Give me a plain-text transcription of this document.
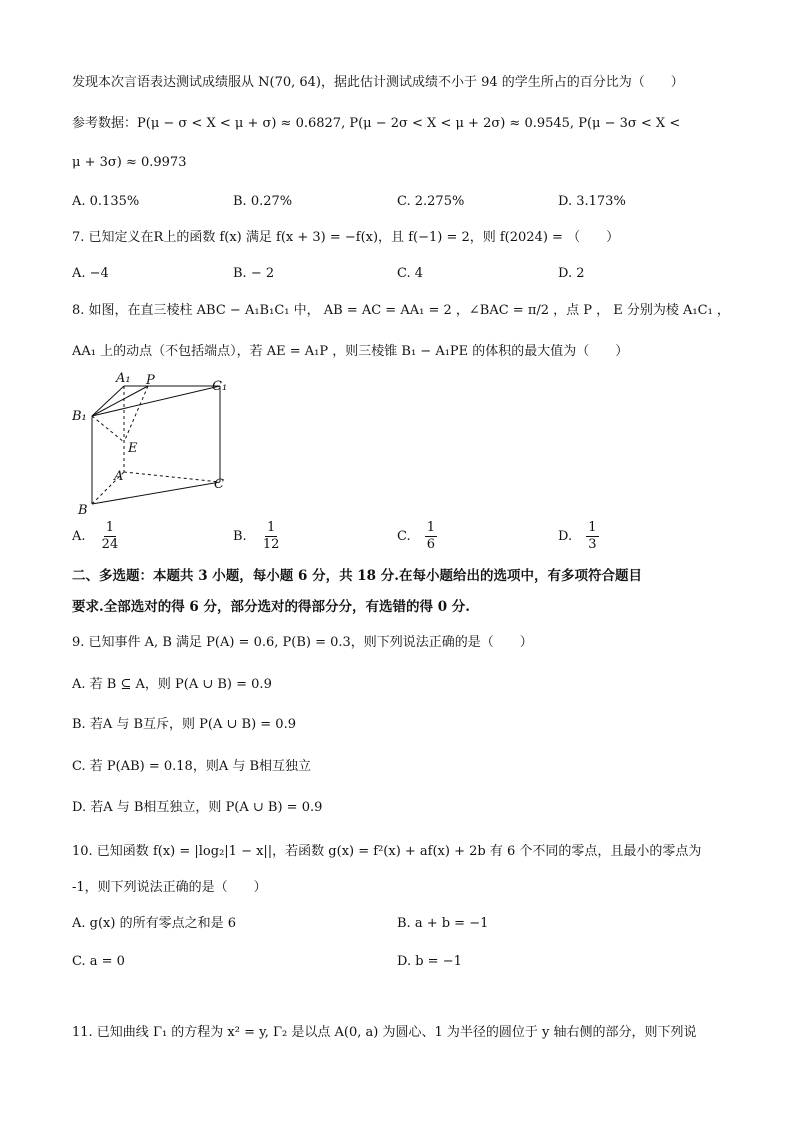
发现本次言语表达测试成绩服从 N(70, 64)，据此估计测试成绩不小于 94 的学生所占的百分比为（　　）
参考数据：P(μ − σ < X < μ + σ) ≈ 0.6827, P(μ − 2σ < X < μ + 2σ) ≈ 0.9545, P(μ − 3σ < X <
μ + 3σ) ≈ 0.9973
A. 0.135%	B. 0.27%	C. 2.275%	D. 3.173%
7. 已知定义在R上的函数 f(x) 满足 f(x + 3) = −f(x)，且 f(−1) = 2，则 f(2024) = （　　）
A. −4	B. − 2	C. 4	D. 2
8. 如图，在直三棱柱 ABC − A₁B₁C₁ 中， AB = AC = AA₁ = 2 ，∠BAC = π/2 ，点 P ， E 分别为棱 A₁C₁ ，
AA₁ 上的动点（不包括端点），若 AE = A₁P ，则三棱锥 B₁ − A₁PE 的体积的最大值为（　　）
A₁ P	C₁
B₁
E
A
C
B
A. $\frac{1}{24}$	B. $\frac{1}{12}$	C. $\frac{1}{6}$	D. $\frac{1}{3}$
二、多选题：本题共 3 小题，每小题 6 分，共 18 分.在每小题给出的选项中，有多项符合题目
要求.全部选对的得 6 分，部分选对的得部分分，有选错的得 0 分.
9. 已知事件 A, B 满足 P(A) = 0.6, P(B) = 0.3，则下列说法正确的是（　　）
A. 若 B ⊆ A，则 P(A ∪ B) = 0.9
B. 若A 与 B互斥，则 P(A ∪ B) = 0.9
C. 若 P(AB) = 0.18，则A 与 B相互独立
D. 若A 与 B相互独立，则 P(A ∪ B) = 0.9
10. 已知函数 f(x) = |log₂|1 − x||，若函数 g(x) = f²(x) + af(x) + 2b 有 6 个不同的零点，且最小的零点为
-1，则下列说法正确的是（　　）
A. g(x) 的所有零点之和是 6	B. a + b = −1
C. a = 0	D. b = −1
11. 已知曲线 Γ₁ 的方程为 x² = y, Γ₂ 是以点 A(0, a) 为圆心、1 为半径的圆位于 y 轴右侧的部分，则下列说
